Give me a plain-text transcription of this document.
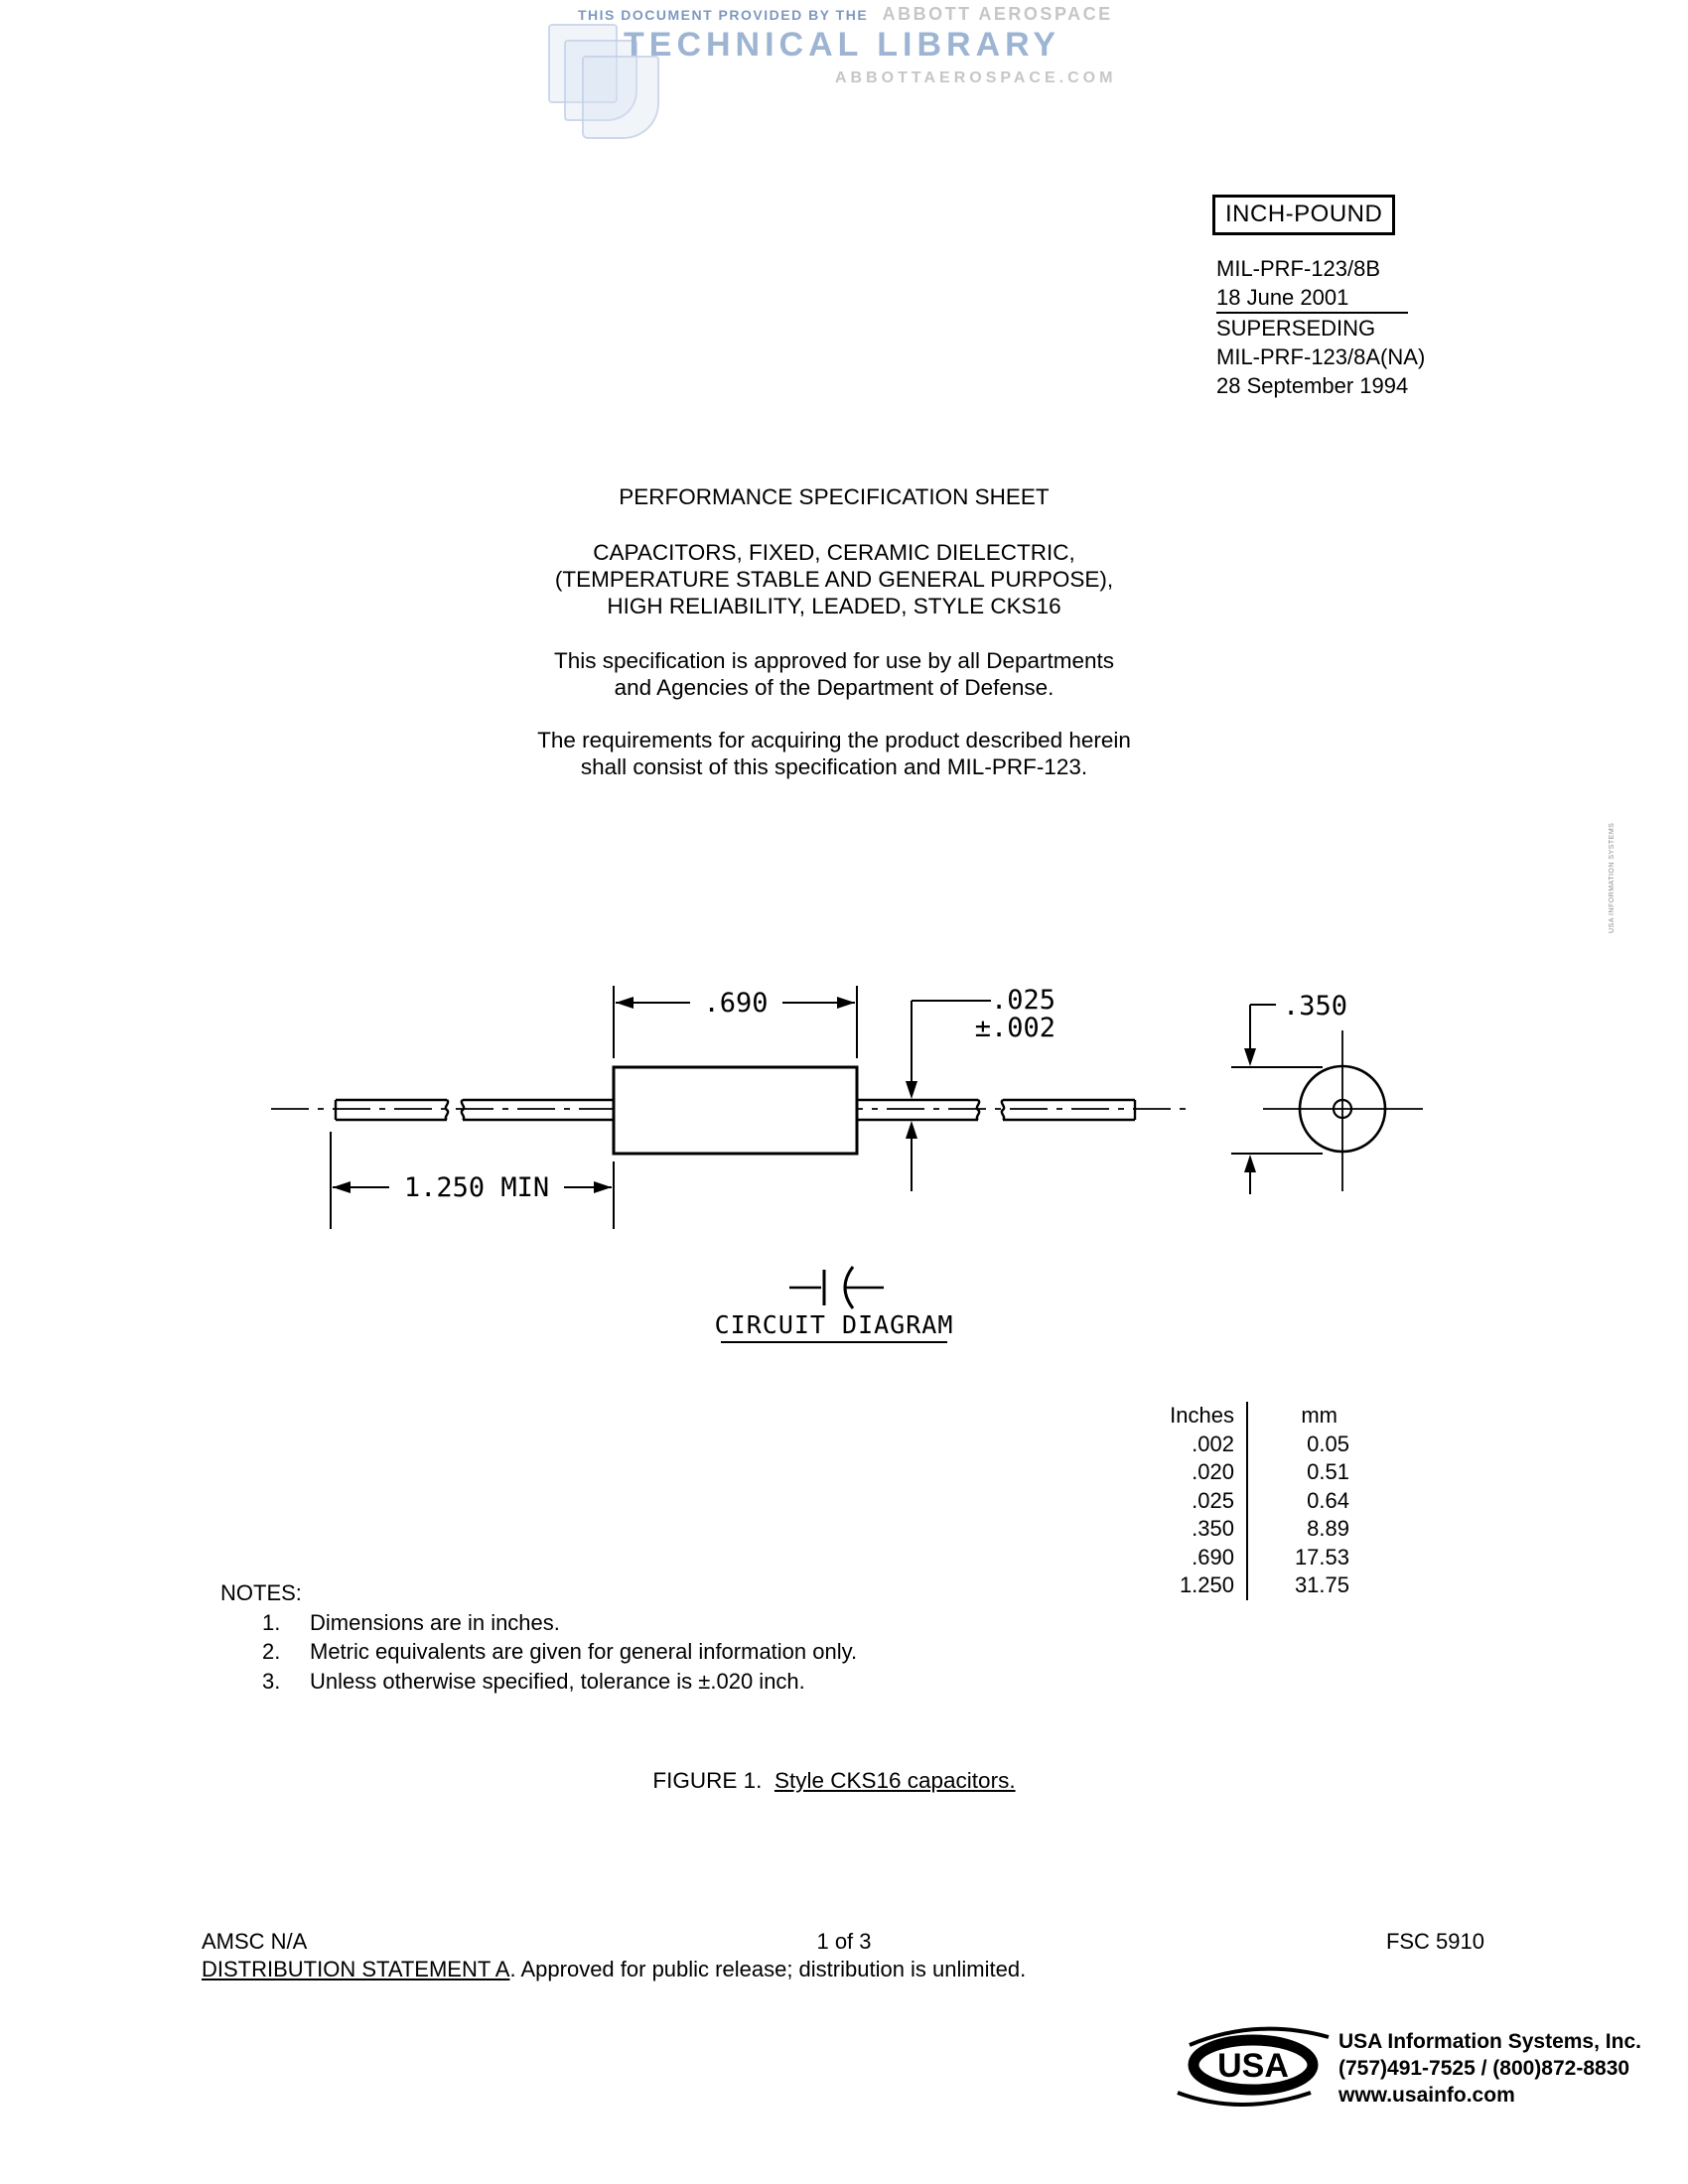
THIS DOCUMENT PROVIDED BY THE ABBOTT AEROSPACE
TECHNICAL LIBRARY
ABBOTTAEROSPACE.COM
INCH-POUND
MIL-PRF-123/8B
18 June 2001
SUPERSEDING
MIL-PRF-123/8A(NA)
28 September 1994
PERFORMANCE SPECIFICATION SHEET
CAPACITORS, FIXED, CERAMIC DIELECTRIC,
(TEMPERATURE STABLE AND GENERAL PURPOSE),
HIGH RELIABILITY, LEADED, STYLE CKS16
This specification is approved for use by all Departments
and Agencies of the Department of Defense.
The requirements for acquiring the product described herein
shall consist of this specification and MIL-PRF-123.
.690
1.250 MIN
.025
±.002
.350
CIRCUIT DIAGRAM
Inches	mm
.002	0.05
.020	0.51
.025	0.64
.350	8.89
.690	17.53
1.250	31.75
NOTES:
1.	Dimensions are in inches.
2.	Metric equivalents are given for general information only.
3.	Unless otherwise specified, tolerance is ±.020 inch.
FIGURE 1. Style CKS16 capacitors.
AMSC N/A	1 of 3	FSC 5910
DISTRIBUTION STATEMENT A. Approved for public release; distribution is unlimited.
USA
USA Information Systems, Inc.
(757)491-7525 / (800)872-8830
www.usainfo.com
USA INFORMATION SYSTEMS
